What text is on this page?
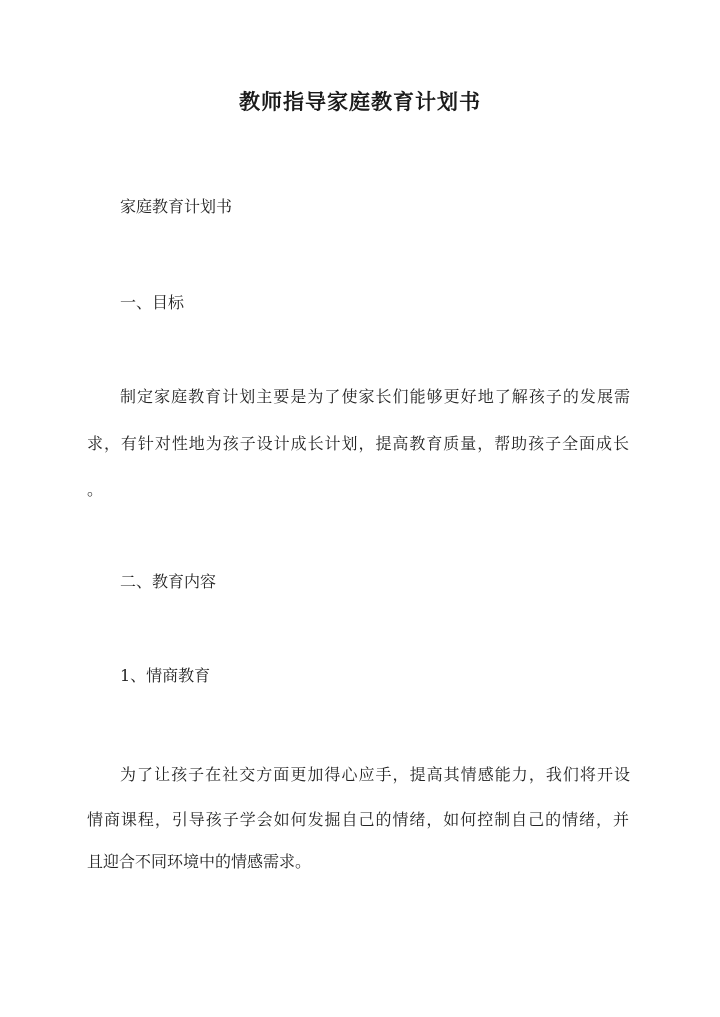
教师指导家庭教育计划书
家庭教育计划书
一、目标
制定家庭教育计划主要是为了使家长们能够更好地了解孩子的发展需
求，有针对性地为孩子设计成长计划，提高教育质量，帮助孩子全面成长
。
二、教育内容
1、情商教育
为了让孩子在社交方面更加得心应手，提高其情感能力，我们将开设
情商课程，引导孩子学会如何发掘自己的情绪，如何控制自己的情绪，并
且迎合不同环境中的情感需求。
